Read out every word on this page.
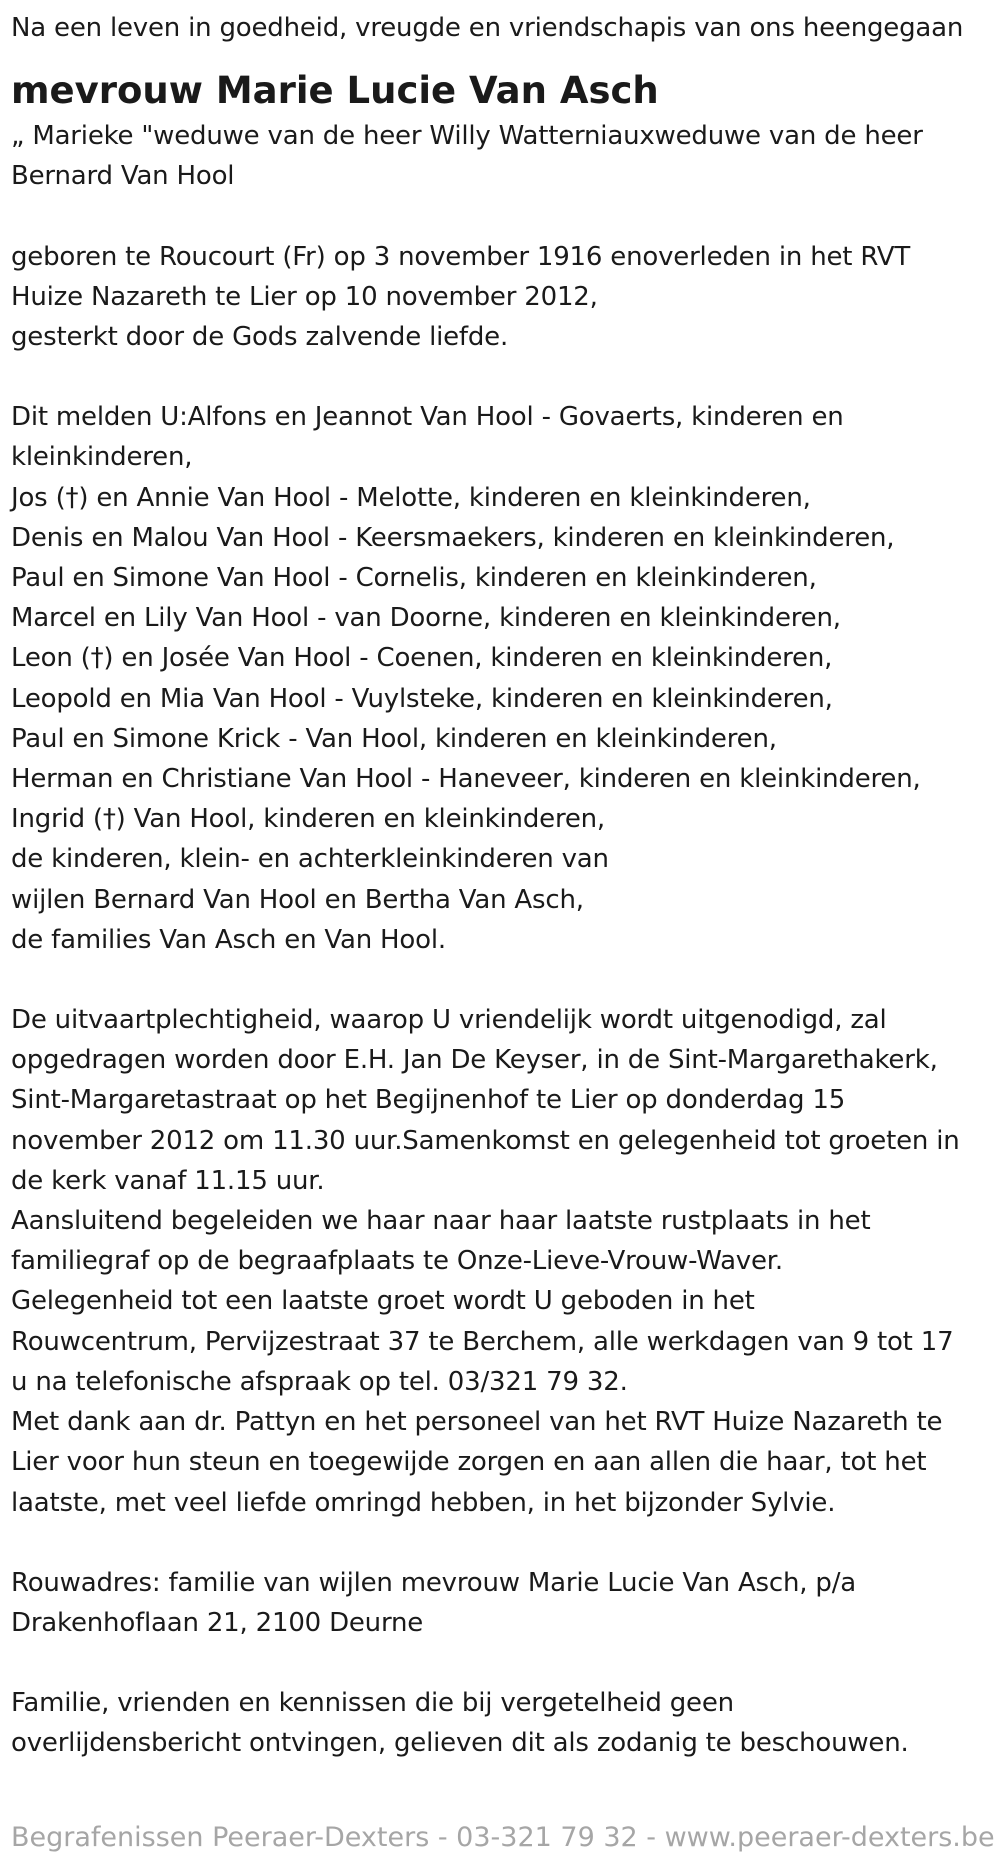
Na een leven in goedheid, vreugde en vriendschapis van ons heengegaan
mevrouw Marie Lucie Van Asch
„ Marieke "weduwe van de heer Willy Watterniauxweduwe van de heer
Bernard Van Hool
geboren te Roucourt (Fr) op 3 november 1916 enoverleden in het RVT
Huize Nazareth te Lier op 10 november 2012,
gesterkt door de Gods zalvende liefde.
Dit melden U:Alfons en Jeannot Van Hool - Govaerts, kinderen en
kleinkinderen,
Jos (†) en Annie Van Hool - Melotte, kinderen en kleinkinderen,
Denis en Malou Van Hool - Keersmaekers, kinderen en kleinkinderen,
Paul en Simone Van Hool - Cornelis, kinderen en kleinkinderen,
Marcel en Lily Van Hool - van Doorne, kinderen en kleinkinderen,
Leon (†) en Josée Van Hool - Coenen, kinderen en kleinkinderen,
Leopold en Mia Van Hool - Vuylsteke, kinderen en kleinkinderen,
Paul en Simone Krick - Van Hool, kinderen en kleinkinderen,
Herman en Christiane Van Hool - Haneveer, kinderen en kleinkinderen,
Ingrid (†) Van Hool, kinderen en kleinkinderen,
de kinderen, klein- en achterkleinkinderen van
wijlen Bernard Van Hool en Bertha Van Asch,
de families Van Asch en Van Hool.
De uitvaartplechtigheid, waarop U vriendelijk wordt uitgenodigd, zal
opgedragen worden door E.H. Jan De Keyser, in de Sint-Margarethakerk,
Sint-Margaretastraat op het Begijnenhof te Lier op donderdag 15
november 2012 om 11.30 uur.Samenkomst en gelegenheid tot groeten in
de kerk vanaf 11.15 uur.
Aansluitend begeleiden we haar naar haar laatste rustplaats in het
familiegraf op de begraafplaats te Onze-Lieve-Vrouw-Waver.
Gelegenheid tot een laatste groet wordt U geboden in het
Rouwcentrum, Pervijzestraat 37 te Berchem, alle werkdagen van 9 tot 17
u na telefonische afspraak op tel. 03/321 79 32.
Met dank aan dr. Pattyn en het personeel van het RVT Huize Nazareth te
Lier voor hun steun en toegewijde zorgen en aan allen die haar, tot het
laatste, met veel liefde omringd hebben, in het bijzonder Sylvie.
Rouwadres: familie van wijlen mevrouw Marie Lucie Van Asch, p/a
Drakenhoflaan 21, 2100 Deurne
Familie, vrienden en kennissen die bij vergetelheid geen
overlijdensbericht ontvingen, gelieven dit als zodanig te beschouwen.
Begrafenissen Peeraer-Dexters - 03-321 79 32 - www.peeraer-dexters.be
